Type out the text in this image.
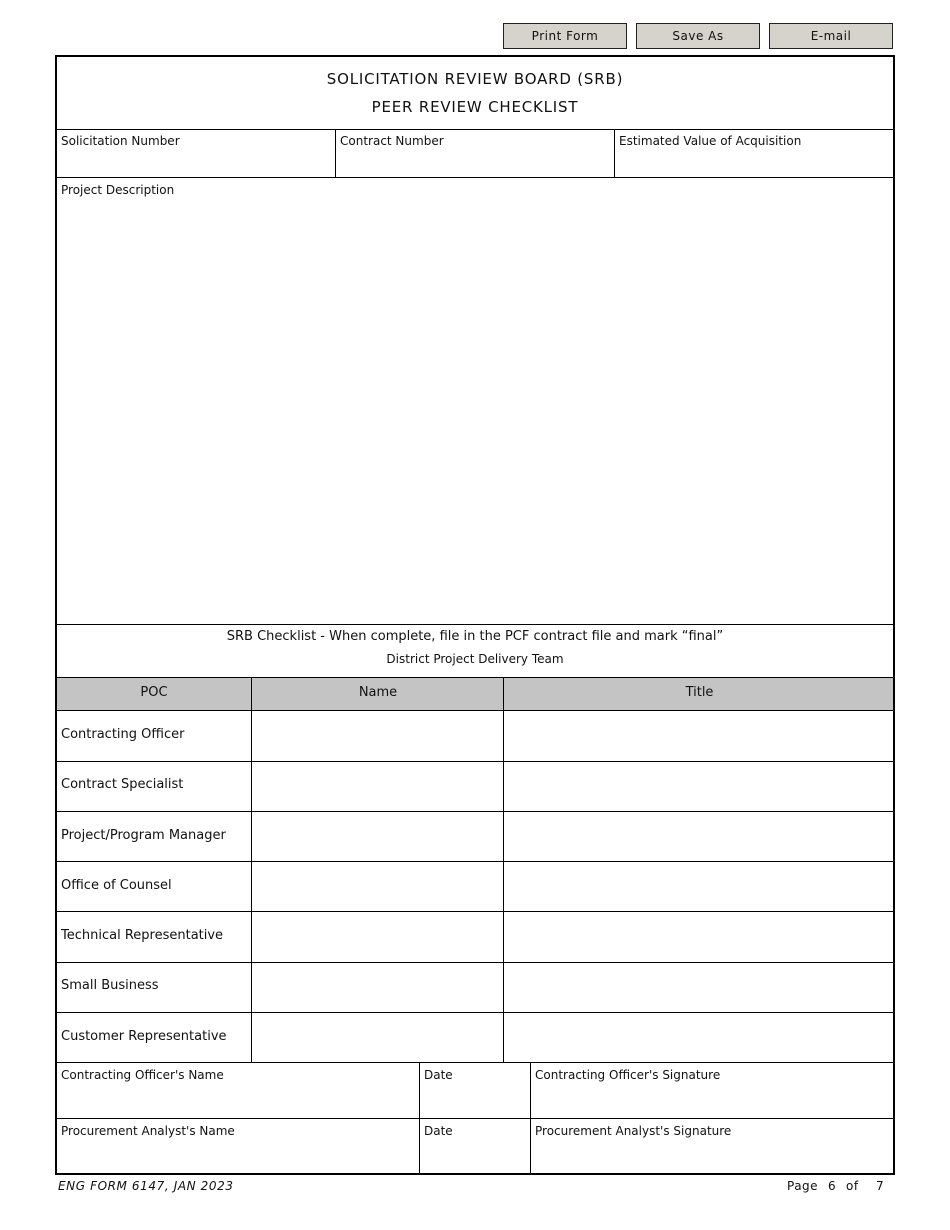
Print Form	Save As	E-mail
SOLICITATION REVIEW BOARD (SRB)
PEER REVIEW CHECKLIST
Solicitation Number	Contract Number	Estimated Value of Acquisition
Project Description
SRB Checklist - When complete, file in the PCF contract file and mark “final”
District Project Delivery Team
POC	Name	Title
Contracting Officer
Contract Specialist
Project/Program Manager
Office of Counsel
Technical Representative
Small Business
Customer Representative
Contracting Officer's Name	Date	Contracting Officer's Signature
Procurement Analyst's Name	Date	Procurement Analyst's Signature
ENG FORM 6147, JAN 2023	Page 6 of 7
